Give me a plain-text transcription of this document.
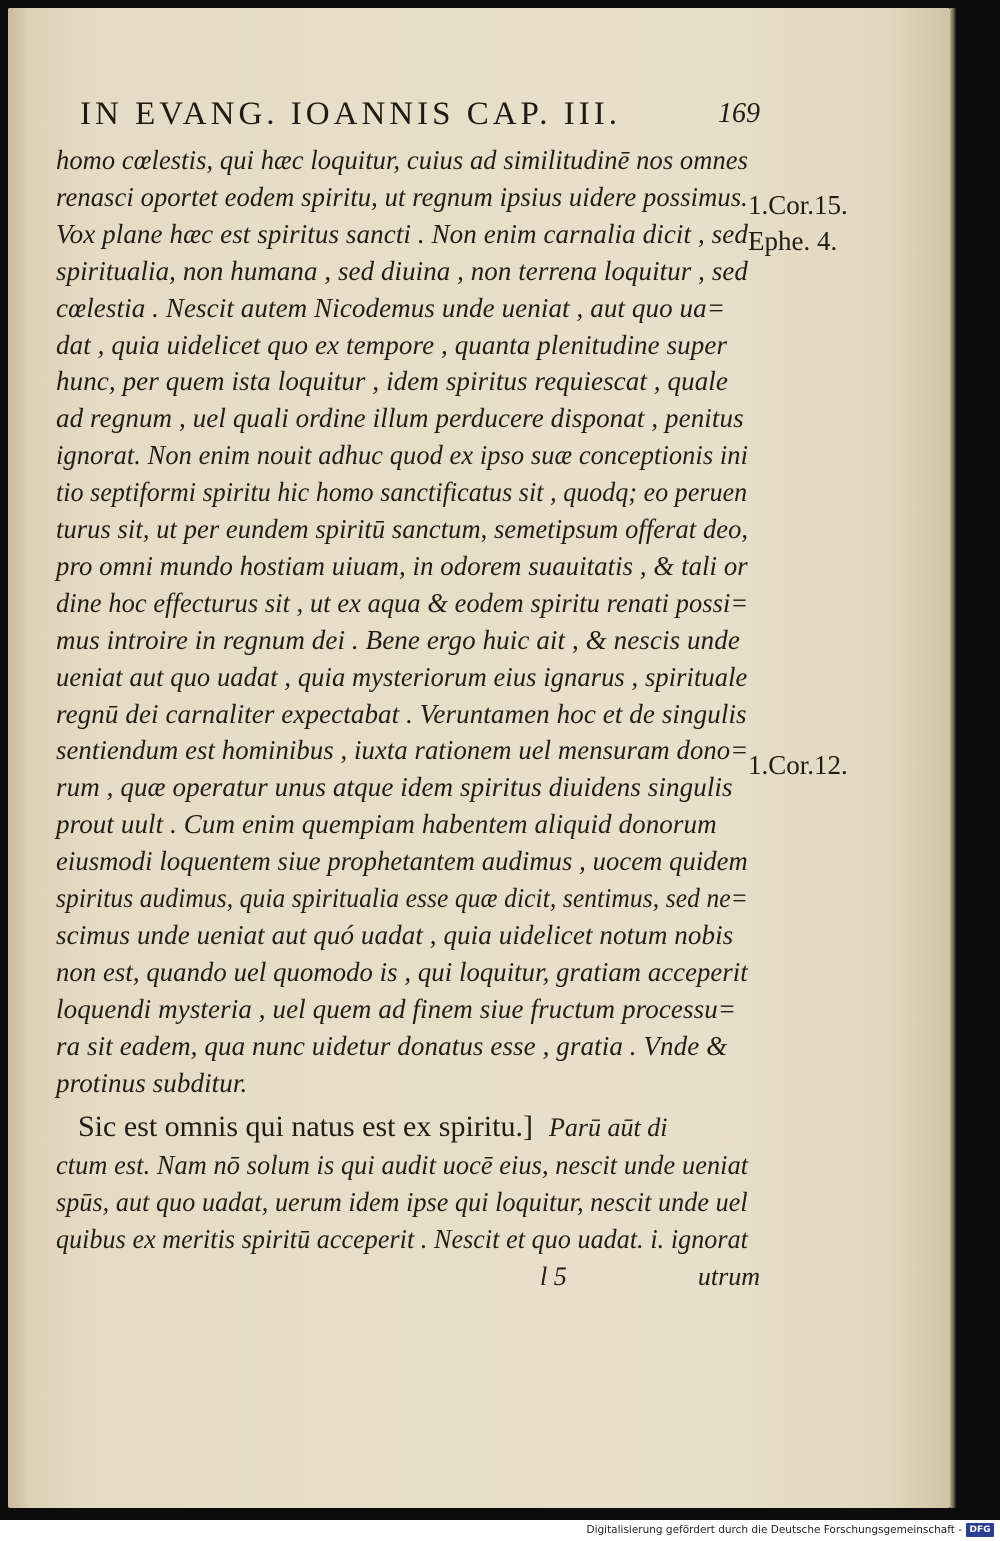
IN EVANG. IOANNIS CAP. III.	169
homo cœlestis, qui hæc loquitur, cuius ad similitudinē nos omnes
renasci oportet eodem spiritu, ut regnum ipsius uidere possimus.
Vox plane hæc est spiritus sancti . Non enim carnalia dicit , sed
spiritualia, non humana , sed diuina , non terrena loquitur , sed
cœlestia . Nescit autem Nicodemus unde ueniat , aut quo ua=
dat , quia uidelicet quo ex tempore , quanta plenitudine super
hunc, per quem ista loquitur , idem spiritus requiescat , quale
ad regnum , uel quali ordine illum perducere disponat , penitus
ignorat. Non enim nouit adhuc quod ex ipso suæ conceptionis ini
tio septiformi spiritu hic homo sanctificatus sit , quodq; eo peruen
turus sit, ut per eundem spiritū sanctum, semetipsum offerat deo,
pro omni mundo hostiam uiuam, in odorem suauitatis , & tali or
dine hoc effecturus sit , ut ex aqua & eodem spiritu renati possi=
mus introire in regnum dei . Bene ergo huic ait , & nescis unde
ueniat aut quo uadat , quia mysteriorum eius ignarus , spirituale
regnū dei carnaliter expectabat . Veruntamen hoc et de singulis
sentiendum est hominibus , iuxta rationem uel mensuram dono=
rum , quæ operatur unus atque idem spiritus diuidens singulis
prout uult . Cum enim quempiam habentem aliquid donorum
eiusmodi loquentem siue prophetantem audimus , uocem quidem
spiritus audimus, quia spiritualia esse quæ dicit, sentimus, sed ne=
scimus unde ueniat aut quó uadat , quia uidelicet notum nobis
non est, quando uel quomodo is , qui loquitur, gratiam acceperit
loquendi mysteria , uel quem ad finem siue fructum processu=
ra sit eadem, qua nunc uidetur donatus esse , gratia . Vnde &
protinus subditur.
Sic est omnis qui natus est ex spiritu.]  Parū aūt di
ctum est. Nam nō solum is qui audit uocē eius, nescit unde ueniat
spūs, aut quo uadat, uerum idem ipse qui loquitur, nescit unde uel
quibus ex meritis spiritū acceperit . Nescit et quo uadat. i. ignorat
1.Cor.15.
Ephe. 4.
1.Cor.12.
l 5	utrum
Digitalisierung gefördert durch die Deutsche Forschungsgemeinschaft - DFG
